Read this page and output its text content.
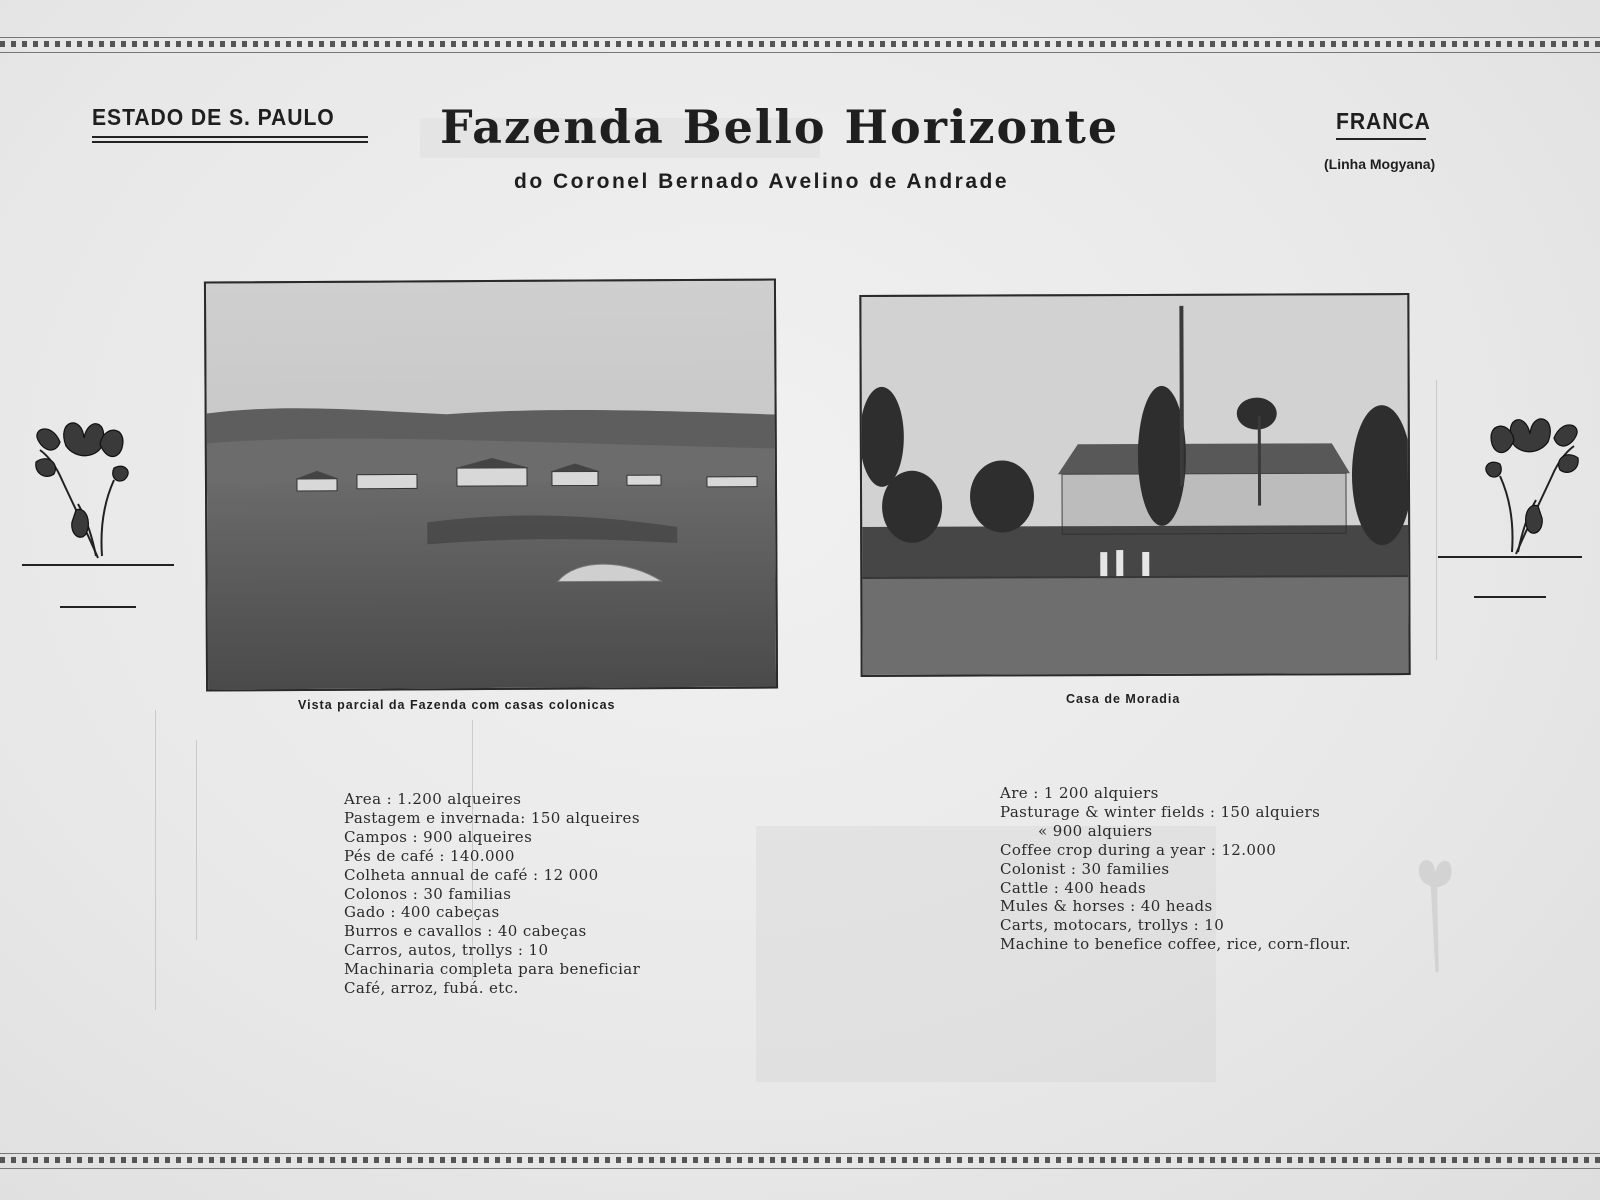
ESTADO DE S. PAULO Fazenda Bello Horizonte
do Coronel Bernado Avelino de Andrade
FRANCA
(Linha Mogyana)
Vista parcial da Fazenda com casas colonicas	Casa de Moradia
Area : 1.200 alqueires
Pastagem e invernada: 150 alqueires
Campos : 900 alqueires
Pés de café : 140.000
Colheta annual de café : 12 000
Colonos : 30 familias
Gado : 400 cabeças
Burros e cavallos : 40 cabeças
Carros, autos, trollys : 10
Machinaria completa para beneficiar
Café, arroz, fubá. etc.
Are : 1 200 alquiers
Pasturage & winter fields : 150 alquiers
« 900 alquiers
Coffee crop during a year : 12.000
Colonist : 30 families
Cattle : 400 heads
Mules & horses : 40 heads
Carts, motocars, trollys : 10
Machine to benefice coffee, rice, corn-flour.
